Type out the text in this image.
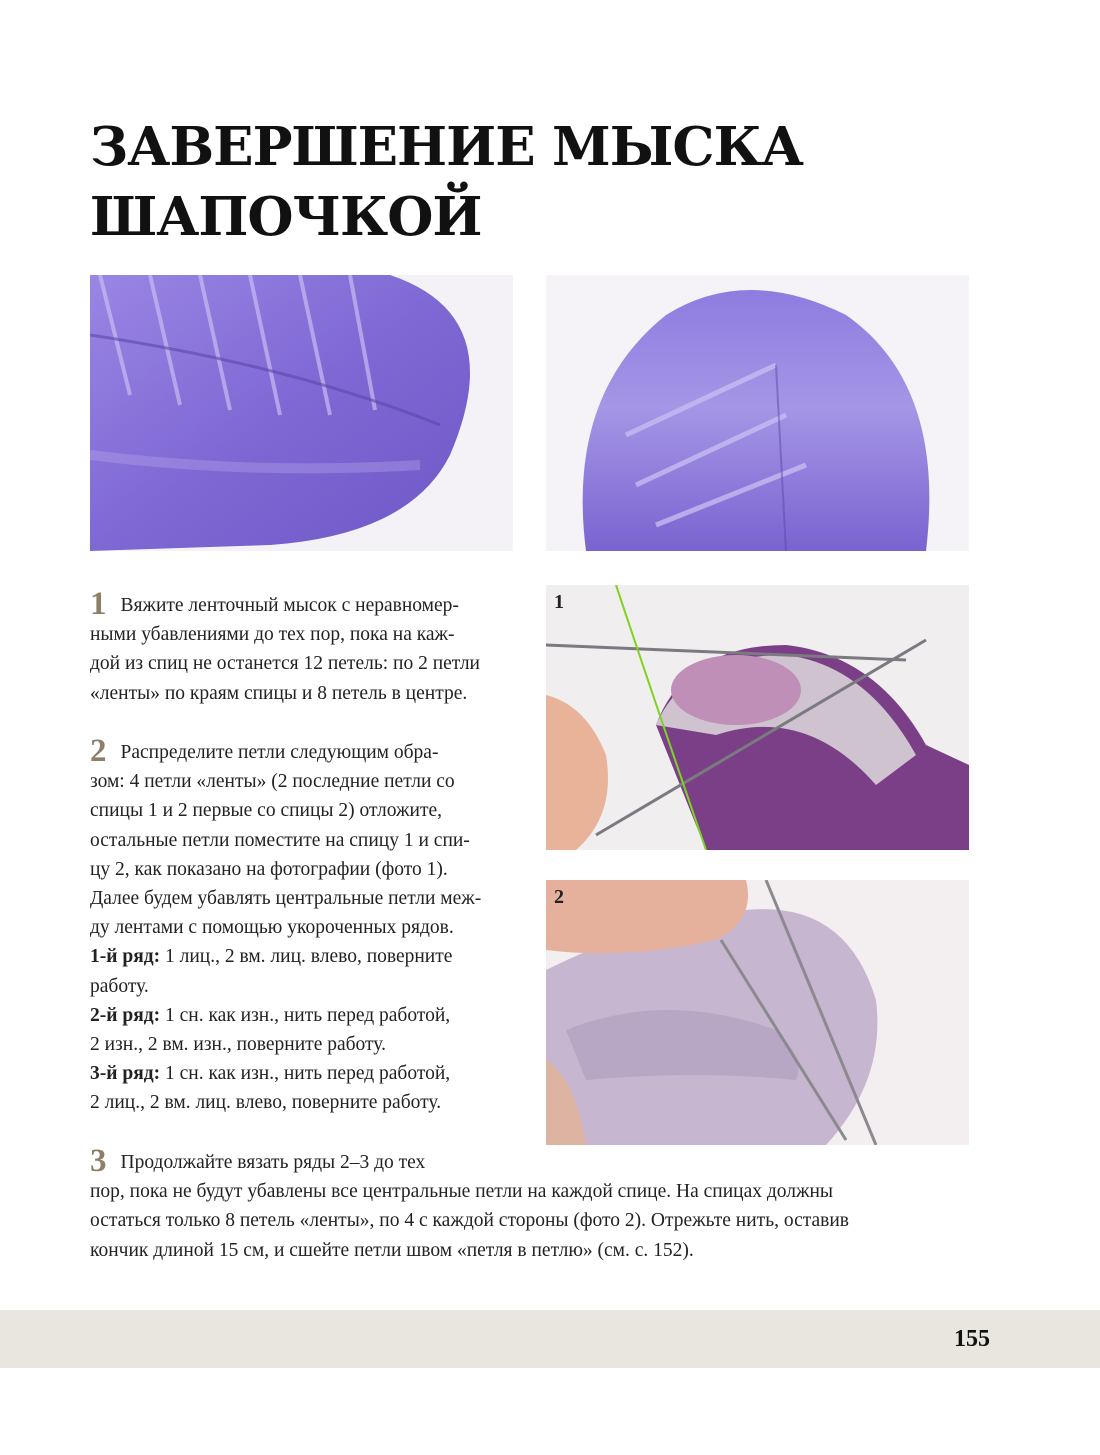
ЗАВЕРШЕНИЕ МЫСКА
ШАПОЧКОЙ
1
2
1 Вяжите ленточный мысок с неравномер-
ными убавлениями до тех пор, пока на каж-
дой из спиц не останется 12 петель: по 2 петли
«ленты» по краям спицы и 8 петель в центре.
2 Распределите петли следующим обра-
зом: 4 петли «ленты» (2 последние петли со
спицы 1 и 2 первые со спицы 2) отложите,
остальные петли поместите на спицу 1 и спи-
цу 2, как показано на фотографии (фото 1).
Далее будем убавлять центральные петли меж-
ду лентами с помощью укороченных рядов.
1-й ряд: 1 лиц., 2 вм. лиц. влево, поверните
работу.
2-й ряд: 1 сн. как изн., нить перед работой,
2 изн., 2 вм. изн., поверните работу.
3-й ряд: 1 сн. как изн., нить перед работой,
2 лиц., 2 вм. лиц. влево, поверните работу.
3 Продолжайте вязать ряды 2–3 до тех
пор, пока не будут убавлены все центральные петли на каждой спице. На спицах должны
остаться только 8 петель «ленты», по 4 с каждой стороны (фото 2). Отрежьте нить, оставив
кончик длиной 15 см, и сшейте петли швом «петля в петлю» (см. с. 152).
155
